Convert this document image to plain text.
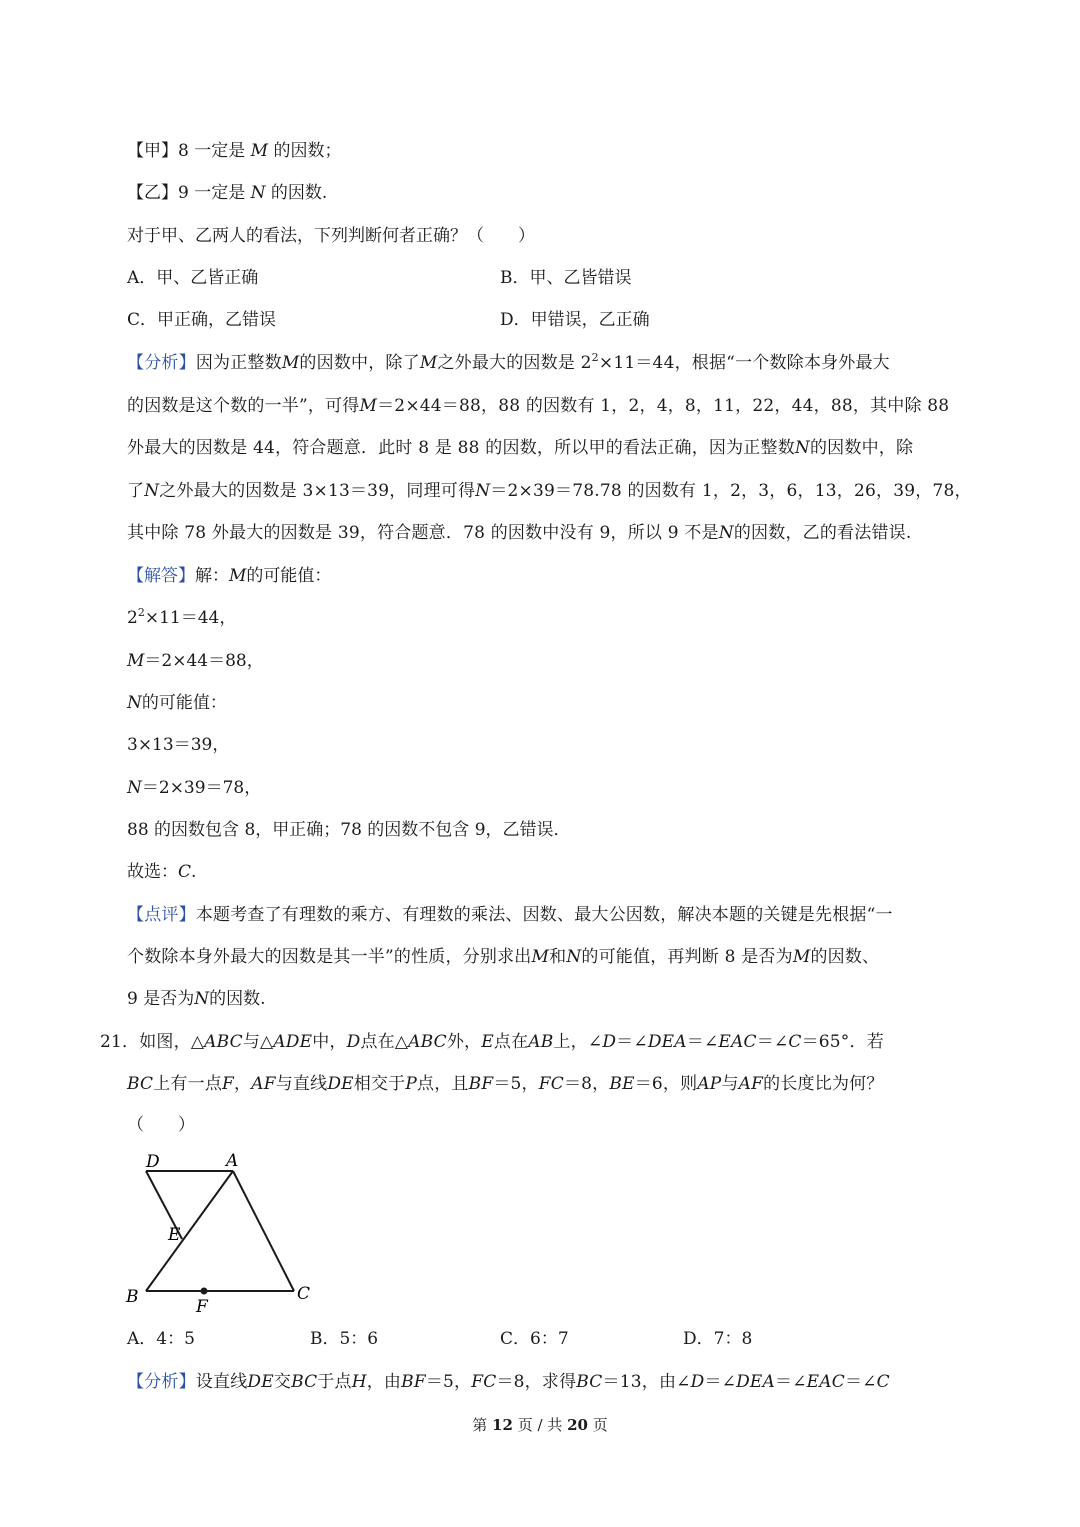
【甲】8 一定是 M 的因数；
【乙】9 一定是 N 的因数.
对于甲、乙两人的看法，下列判断何者正确？（　　）
A．甲、乙皆正确	B．甲、乙皆错误
C．甲正确，乙错误	D．甲错误，乙正确
【分析】因为正整数M的因数中，除了M之外最大的因数是 $2^2\times 11=44$，根据“一个数除本身外最大
的因数是这个数的一半”，可得M＝2×44＝88，88 的因数有 1，2，4，8，11，22，44，88，其中除 88
外最大的因数是 44，符合题意．此时 8 是 88 的因数，所以甲的看法正确，因为正整数N的因数中，除
了N之外最大的因数是 3×13＝39，同理可得N＝2×39＝78.78 的因数有 1，2，3，6，13，26，39，78，
其中除 78 外最大的因数是 39，符合题意．78 的因数中没有 9，所以 9 不是N的因数，乙的看法错误.
【解答】解：M的可能值：
$2^2\times 11=44$，
M＝2×44＝88，
N的可能值：
3×13＝39，
N＝2×39＝78，
88 的因数包含 8，甲正确；78 的因数不包含 9，乙错误．
故选：C.
【点评】本题考查了有理数的乘方、有理数的乘法、因数、最大公因数，解决本题的关键是先根据“一
个数除本身外最大的因数是其一半”的性质，分别求出M和N的可能值，再判断 8 是否为M的因数、
9 是否为N的因数.
21．如图，△ABC与△ADE中，D点在△ABC外，E点在AB上，∠D＝∠DEA＝∠EAC＝∠C＝65°．若
BC上有一点F，AF与直线DE相交于P点，且BF＝5，FC＝8，BE＝6，则AP与AF的长度比为何？
（　　）
D	A
E
B	F
C
A．4：5	B．5：6	C．6：7	D．7：8
【分析】设直线DE交BC于点H，由BF＝5，FC＝8，求得BC＝13，由∠D＝∠DEA＝∠EAC＝∠C
第 12 页 / 共 20 页
